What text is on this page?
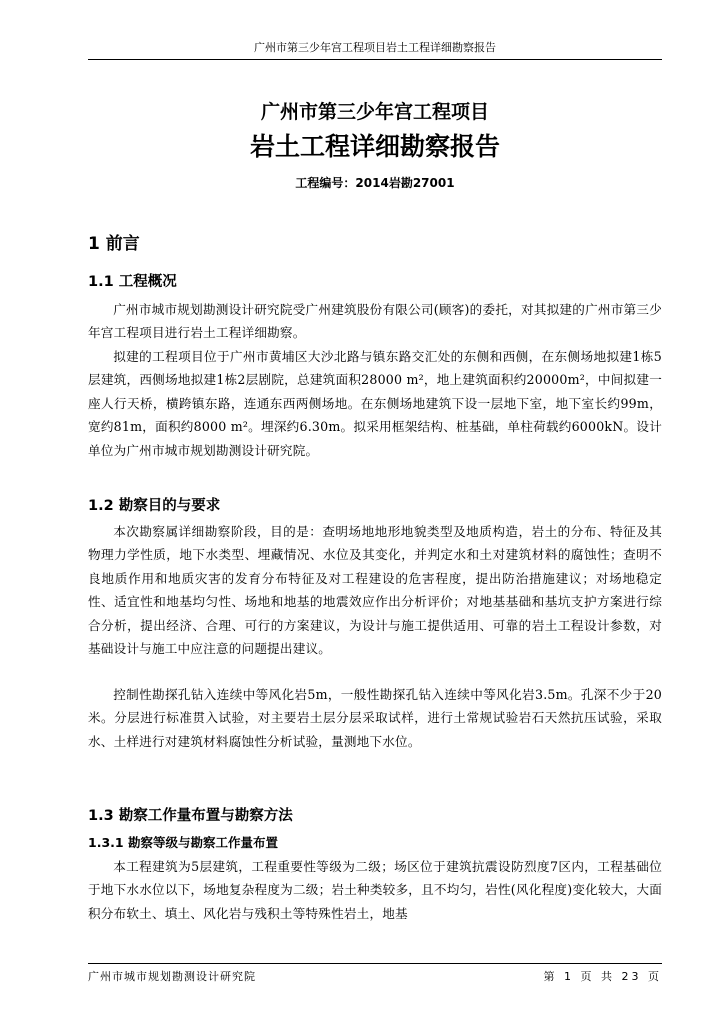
广州市第三少年宫工程项目岩土工程详细勘察报告
广州市第三少年宫工程项目
岩土工程详细勘察报告
工程编号：2014岩勘27001
1 前言
1.1 工程概况

广州市城市规划勘测设计研究院受广州建筑股份有限公司(顾客)的委托，对其拟建的广州市第三少年宫工程项目进行岩土工程详细勘察。

拟建的工程项目位于广州市黄埔区大沙北路与镇东路交汇处的东侧和西侧，在东侧场地拟建1栋5层建筑，西侧场地拟建1栋2层剧院，总建筑面积28000 m²，地上建筑面积约20000m²，中间拟建一座人行天桥，横跨镇东路，连通东西两侧场地。在东侧场地建筑下设一层地下室，地下室长约99m，宽约81m，面积约8000 m²。埋深约6.30m。拟采用框架结构、桩基础，单柱荷载约6000kN。设计单位为广州市城市规划勘测设计研究院。

1.2 勘察目的与要求

本次勘察属详细勘察阶段，目的是：查明场地地形地貌类型及地质构造，岩土的分布、特征及其物理力学性质，地下水类型、埋藏情况、水位及其变化，并判定水和土对建筑材料的腐蚀性；查明不良地质作用和地质灾害的发育分布特征及对工程建设的危害程度，提出防治措施建议；对场地稳定性、适宜性和地基均匀性、场地和地基的地震效应作出分析评价；对地基基础和基坑支护方案进行综合分析，提出经济、合理、可行的方案建议，为设计与施工提供适用、可靠的岩土工程设计参数，对基础设计与施工中应注意的问题提出建议。

控制性勘探孔钻入连续中等风化岩5m，一般性勘探孔钻入连续中等风化岩3.5m。孔深不少于20米。分层进行标准贯入试验，对主要岩土层分层采取试样，进行土常规试验岩石天然抗压试验，采取水、土样进行对建筑材料腐蚀性分析试验，量测地下水位。

1.3 勘察工作量布置与勘察方法
1.3.1 勘察等级与勘察工作量布置

本工程建筑为5层建筑，工程重要性等级为二级；场区位于建筑抗震设防烈度7区内，工程基础位于地下水水位以下，场地复杂程度为二级；岩土种类较多，且不均匀，岩性(风化程度)变化较大，大面积分布软土、填土、风化岩与残积土等特殊性岩土，地基

广州市城市规划勘测设计研究院	第 1 页 共 23 页
